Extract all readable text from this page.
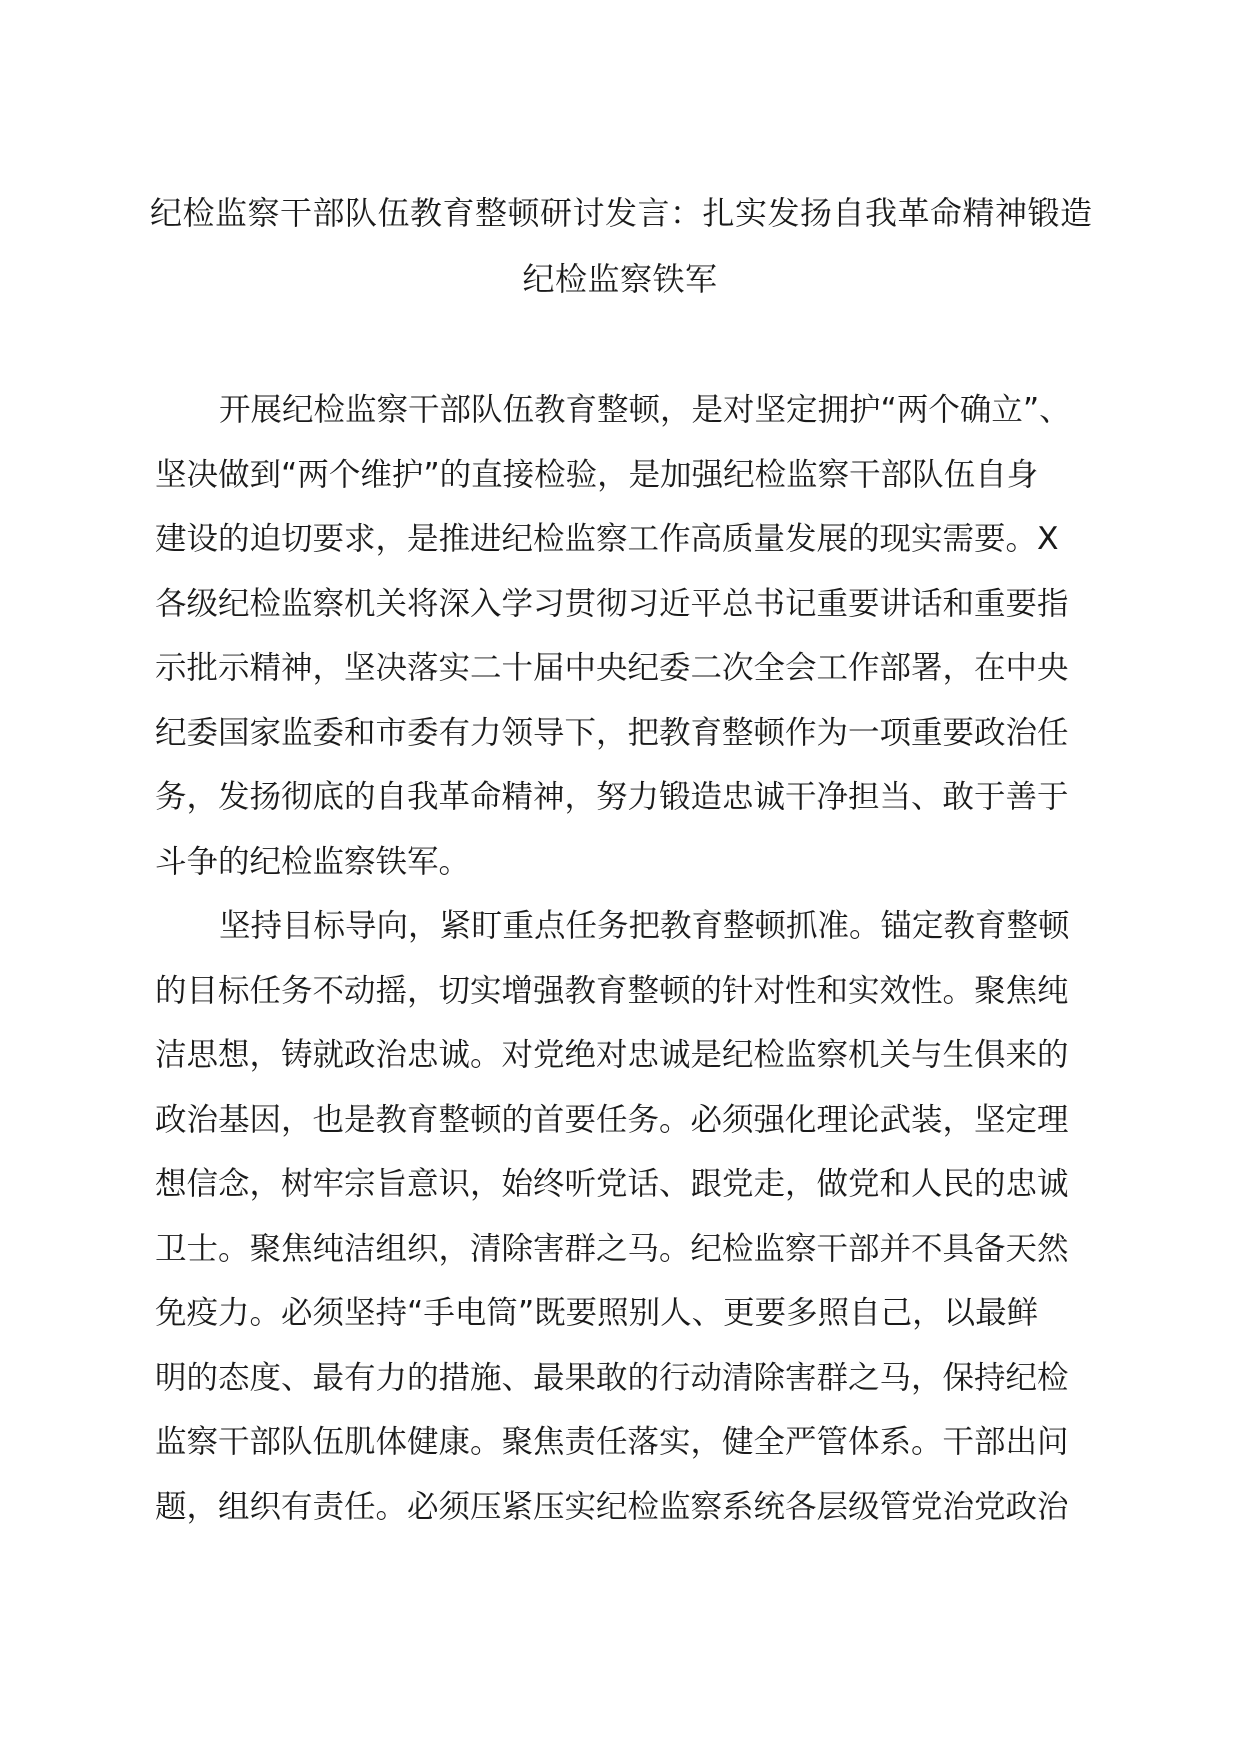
纪检监察干部队伍教育整顿研讨发言：扎实发扬自我革命精神锻造
纪检监察铁军
开展纪检监察干部队伍教育整顿，是对坚定拥护“两个确立”、
坚决做到“两个维护”的直接检验，是加强纪检监察干部队伍自身
建设的迫切要求，是推进纪检监察工作高质量发展的现实需要。X
各级纪检监察机关将深入学习贯彻习近平总书记重要讲话和重要指
示批示精神，坚决落实二十届中央纪委二次全会工作部署，在中央
纪委国家监委和市委有力领导下，把教育整顿作为一项重要政治任
务，发扬彻底的自我革命精神，努力锻造忠诚干净担当、敢于善于
斗争的纪检监察铁军。
坚持目标导向，紧盯重点任务把教育整顿抓准。锚定教育整顿
的目标任务不动摇，切实增强教育整顿的针对性和实效性。聚焦纯
洁思想，铸就政治忠诚。对党绝对忠诚是纪检监察机关与生俱来的
政治基因，也是教育整顿的首要任务。必须强化理论武装，坚定理
想信念，树牢宗旨意识，始终听党话、跟党走，做党和人民的忠诚
卫士。聚焦纯洁组织，清除害群之马。纪检监察干部并不具备天然
免疫力。必须坚持“手电筒”既要照别人、更要多照自己，以最鲜
明的态度、最有力的措施、最果敢的行动清除害群之马，保持纪检
监察干部队伍肌体健康。聚焦责任落实，健全严管体系。干部出问
题，组织有责任。必须压紧压实纪检监察系统各层级管党治党政治
